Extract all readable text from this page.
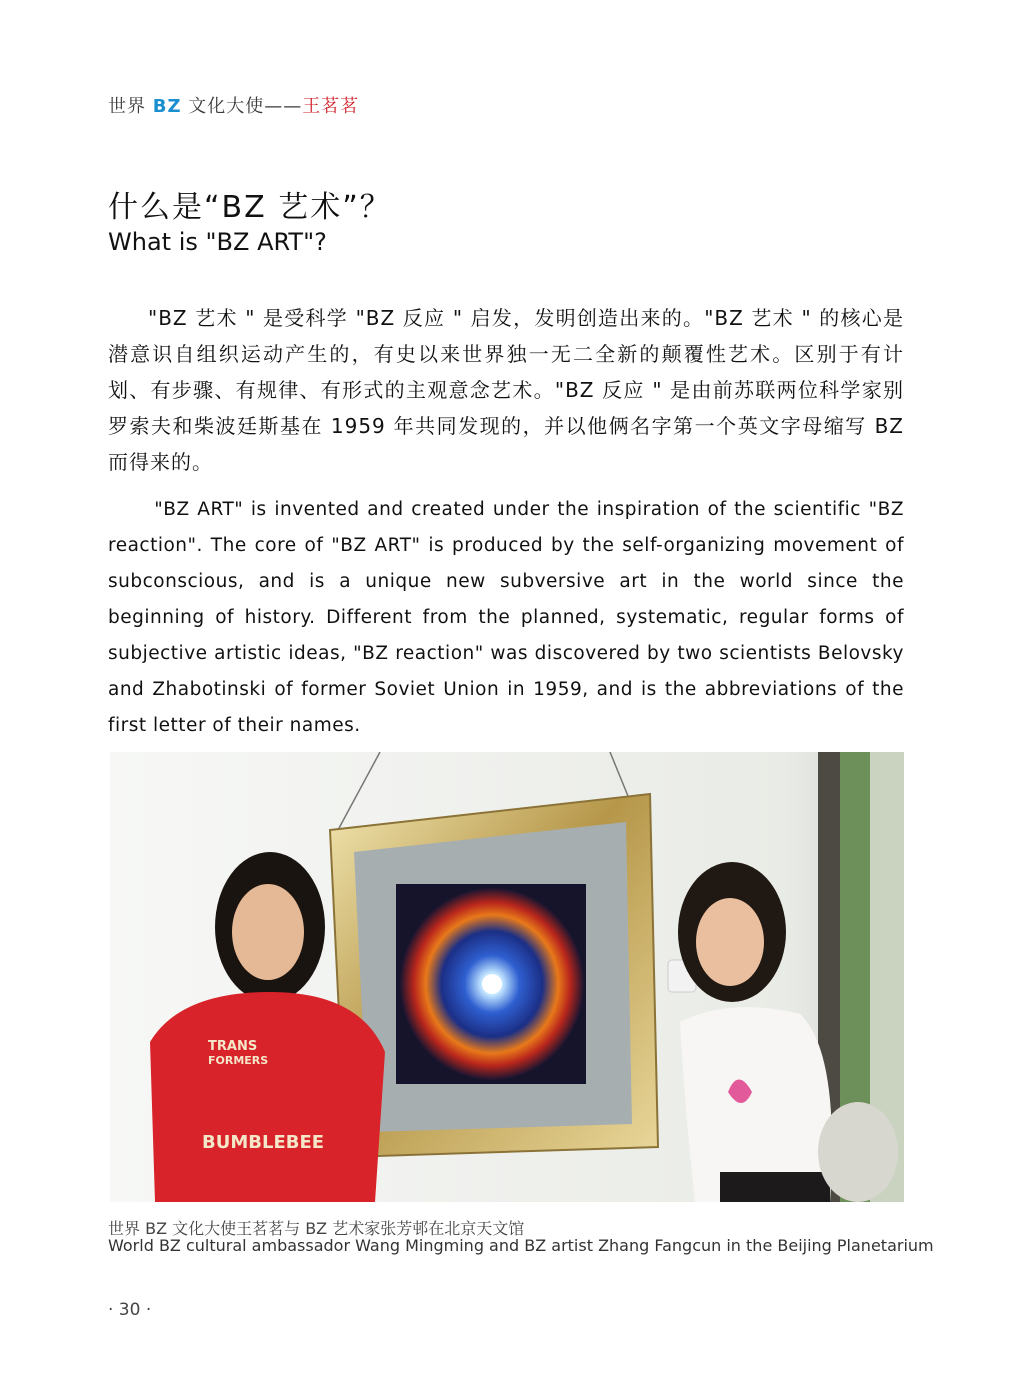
世界 BZ 文化大使——王茗茗
什么是“BZ 艺术”？
What is "BZ ART"?
"BZ 艺术 " 是受科学 "BZ 反应 " 启发，发明创造出来的。"BZ 艺术 " 的核心是潜意识自组织运动产生的，有史以来世界独一无二全新的颠覆性艺术。区别于有计划、有步骤、有规律、有形式的主观意念艺术。"BZ 反应 " 是由前苏联两位科学家别罗索夫和柴波廷斯基在 1959 年共同发现的，并以他俩名字第一个英文字母缩写 BZ 而得来的。
"BZ ART" is invented and created under the inspiration of the scientific "BZ reaction". The core of "BZ ART" is produced by the self-organizing movement of subconscious, and is a unique new subversive art in the world since the beginning of history. Different from the planned, systematic, regular forms of subjective artistic ideas, "BZ reaction" was discovered by two scientists Belovsky and Zhabotinski of former Soviet Union in 1959, and is the abbreviations of the first letter of their names.
TRANS
FORMERS
BUMBLEBEE
世界 BZ 文化大使王茗茗与 BZ 艺术家张芳邨在北京天文馆
World BZ cultural ambassador Wang Mingming and BZ artist Zhang Fangcun in the Beijing Planetarium
· 30 ·
